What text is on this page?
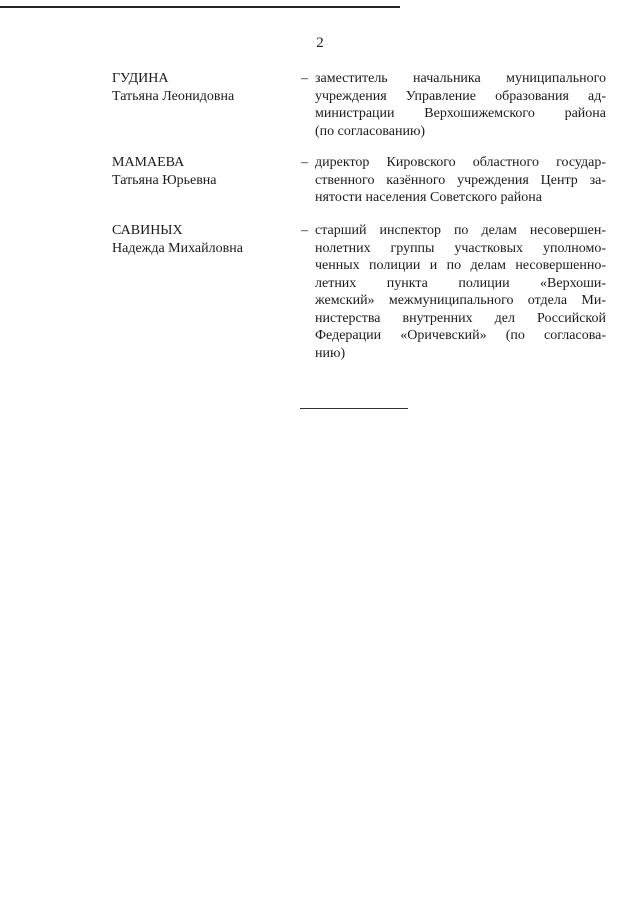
2
ГУДИНА
Татьяна Леонидовна
– заместитель начальника муниципального
учреждения Управление образования ад-
министрации Верхошижемского района
(по согласованию)
МАМАЕВА
Татьяна Юрьевна
– директор Кировского областного государ-
ственного казённого учреждения Центр за-
нятости населения Советского района
САВИНЫХ
Надежда Михайловна
– старший инспектор по делам несовершен-
нолетних группы участковых уполномо-
ченных полиции и по делам несовершенно-
летних пункта полиции «Верхоши-
жемский» межмуниципального отдела Ми-
нистерства внутренних дел Российской
Федерации «Оричевский» (по согласова-
нию)
